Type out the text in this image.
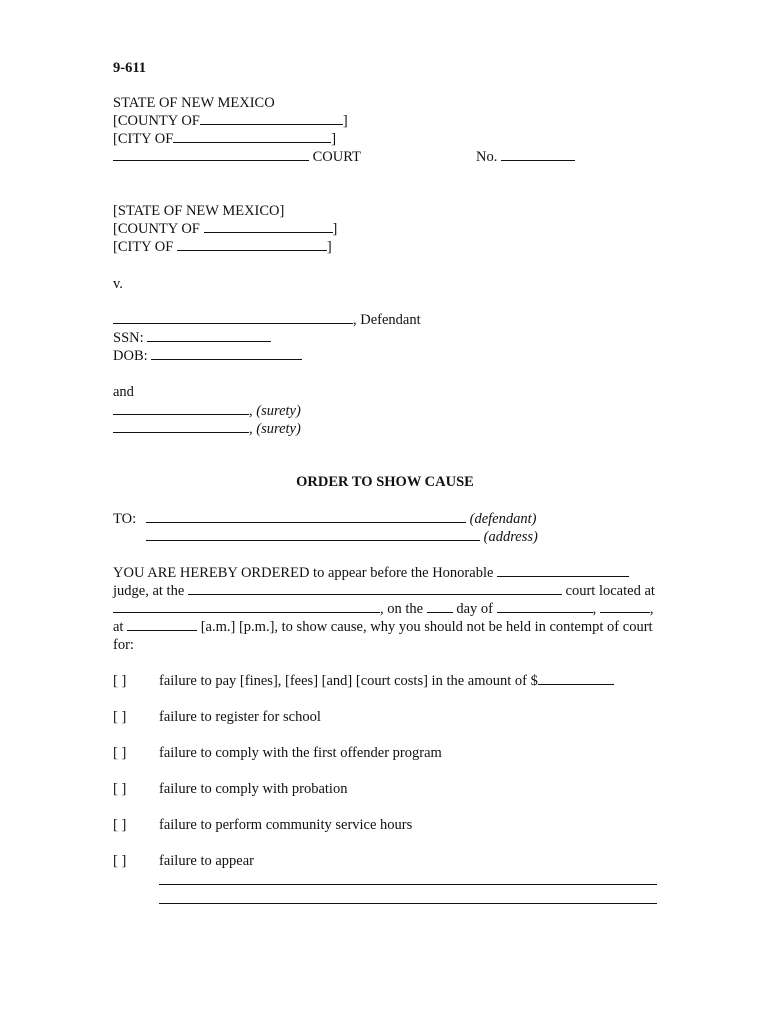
9-611
STATE OF NEW MEXICO
[COUNTY OF	]
[CITY OF	]
COURT	No.
[STATE OF NEW MEXICO]
[COUNTY OF	]
[CITY OF	]
v.
, Defendant
SSN:
DOB:
and
, (surety)
, (surety)
ORDER TO SHOW CAUSE
TO:	(defendant)
(address)
YOU ARE HEREBY ORDERED to appear before the Honorable
judge, at the	court located at
, on the day of	,	,
at	[a.m.] [p.m.], to show cause, why you should not be held in contempt of court
for:
[ ] failure to pay [fines], [fees] [and] [court costs] in the amount of $
[ ] failure to register for school
[ ] failure to comply with the first offender program
[ ] failure to comply with probation
[ ] failure to perform community service hours
[ ] failure to appear
